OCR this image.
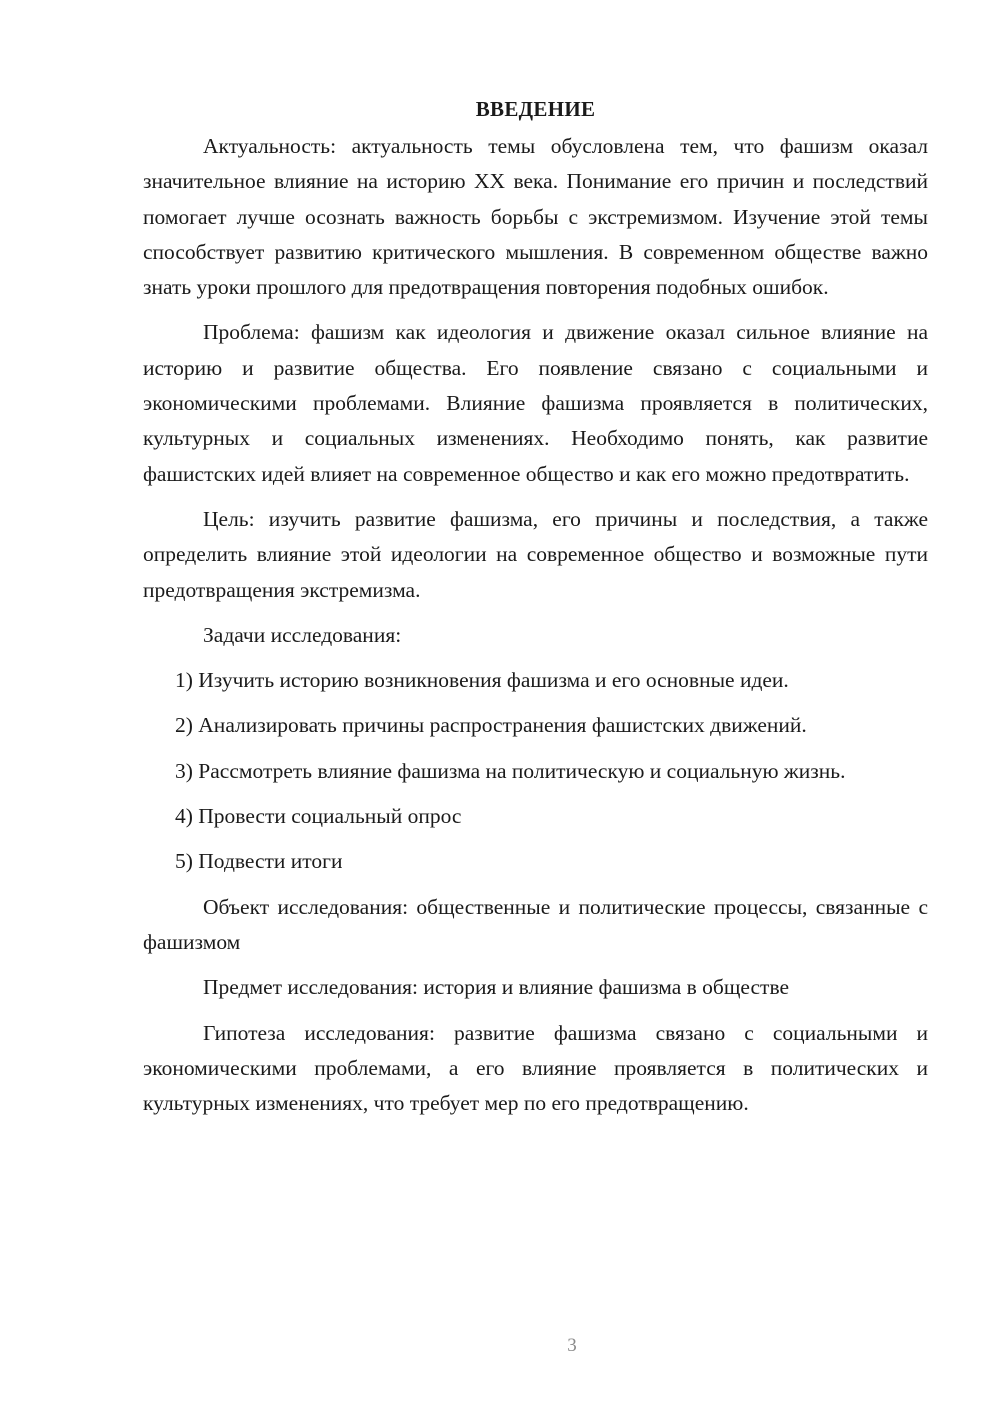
ВВЕДЕНИЕ

Актуальность: актуальность темы обусловлена тем, что фашизм оказал значительное влияние на историю XX века. Понимание его причин и последствий помогает лучше осознать важность борьбы с экстремизмом. Изучение этой темы способствует развитию критического мышления. В современном обществе важно знать уроки прошлого для предотвращения повторения подобных ошибок.

Проблема: фашизм как идеология и движение оказал сильное влияние на историю и развитие общества. Его появление связано с социальными и экономическими проблемами. Влияние фашизма проявляется в политических, культурных и социальных изменениях. Необходимо понять, как развитие фашистских идей влияет на современное общество и как его можно предотвратить.

Цель: изучить развитие фашизма, его причины и последствия, а также определить влияние этой идеологии на современное общество и возможные пути предотвращения экстремизма.

Задачи исследования:

1) Изучить историю возникновения фашизма и его основные идеи.

2) Анализировать причины распространения фашистских движений.

3) Рассмотреть влияние фашизма на политическую и социальную жизнь.

4) Провести социальный опрос

5) Подвести итоги

Объект исследования: общественные и политические процессы, связанные с фашизмом

Предмет исследования: история и влияние фашизма в обществе

Гипотеза исследования: развитие фашизма связано с социальными и экономическими проблемами, а его влияние проявляется в политических и культурных изменениях, что требует мер по его предотвращению.

3
